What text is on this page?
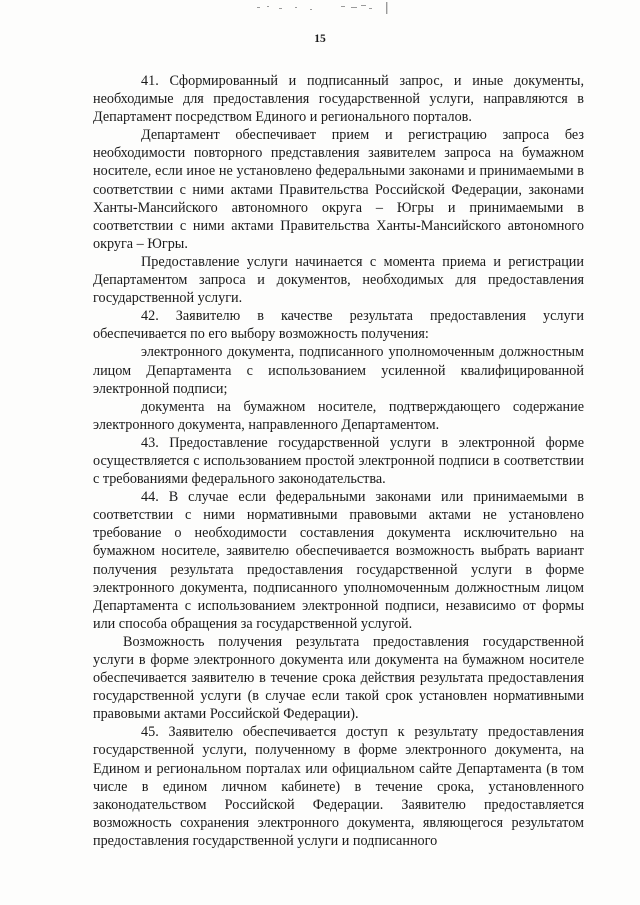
15

41. Сформированный и подписанный запрос, и иные документы, необходимые для предоставления государственной услуги, направляются в Департамент посредством Единого и регионального порталов.

Департамент обеспечивает прием и регистрацию запроса без необходимости повторного представления заявителем запроса на бумажном носителе, если иное не установлено федеральными законами и принимаемыми в соответствии с ними актами Правительства Российской Федерации, законами Ханты-Мансийского автономного округа – Югры и принимаемыми в соответствии с ними актами Правительства Ханты-Мансийского автономного округа – Югры.

Предоставление услуги начинается с момента приема и регистрации Департаментом запроса и документов, необходимых для предоставления государственной услуги.

42. Заявителю в качестве результата предоставления услуги обеспечивается по его выбору возможность получения:

электронного документа, подписанного уполномоченным должностным лицом Департамента с использованием усиленной квалифицированной электронной подписи;

документа на бумажном носителе, подтверждающего содержание электронного документа, направленного Департаментом.

43. Предоставление государственной услуги в электронной форме осуществляется с использованием простой электронной подписи в соответствии с требованиями федерального законодательства.

44. В случае если федеральными законами или принимаемыми в соответствии с ними нормативными правовыми актами не установлено требование о необходимости составления документа исключительно на бумажном носителе, заявителю обеспечивается возможность выбрать вариант получения результата предоставления государственной услуги в форме электронного документа, подписанного уполномоченным должностным лицом Департамента с использованием электронной подписи, независимо от формы или способа обращения за государственной услугой.

Возможность получения результата предоставления государственной услуги в форме электронного документа или документа на бумажном носителе обеспечивается заявителю в течение срока действия результата предоставления государственной услуги (в случае если такой срок установлен нормативными правовыми актами Российской Федерации).

45. Заявителю обеспечивается доступ к результату предоставления государственной услуги, полученному в форме электронного документа, на Едином и региональном порталах или официальном сайте Департамента (в том числе в едином личном кабинете) в течение срока, установленного законодательством Российской Федерации. Заявителю предоставляется возможность сохранения электронного документа, являющегося результатом предоставления государственной услуги и подписанного
